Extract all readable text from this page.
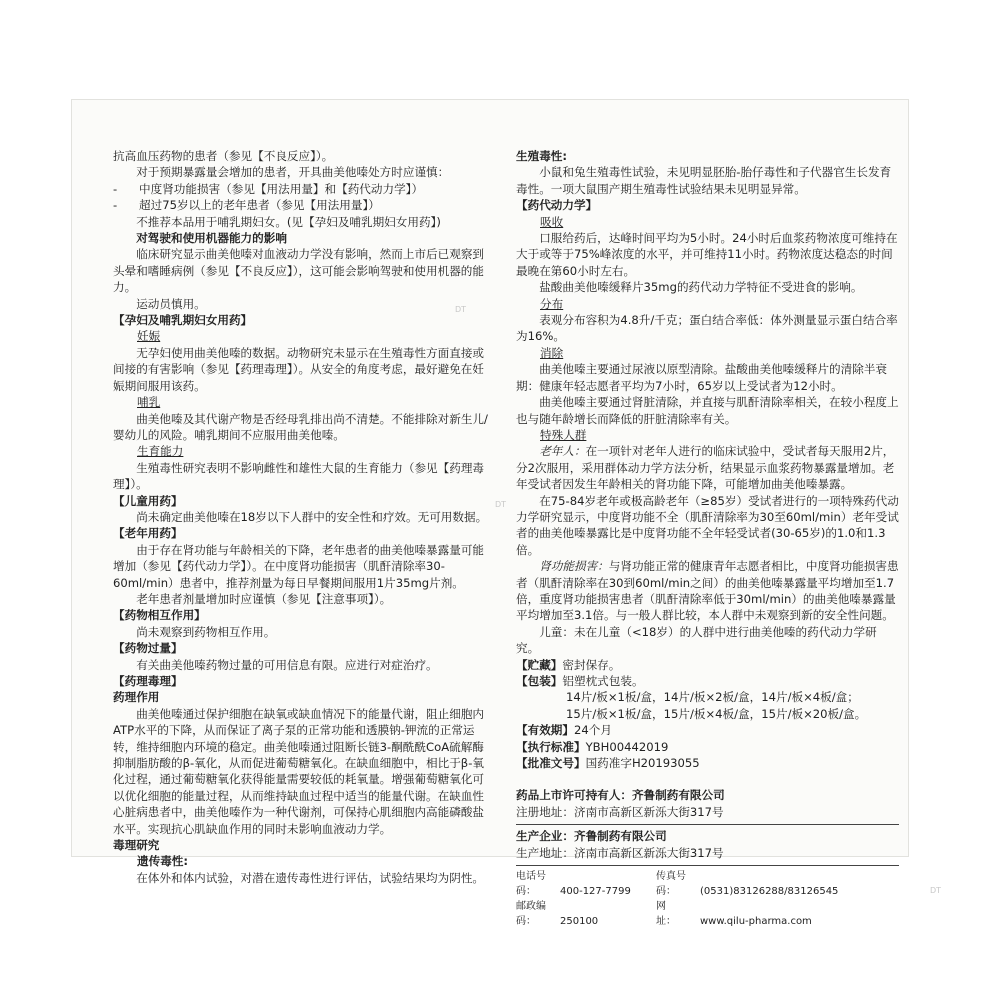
抗高血压药物的患者（参见【不良反应】）。

对于预期暴露量会增加的患者，开具曲美他嗪处方时应谨慎：

- 中度肾功能损害（参见【用法用量】和【药代动力学】）

- 超过75岁以上的老年患者（参见【用法用量】）

不推荐本品用于哺乳期妇女。(见【孕妇及哺乳期妇女用药】)

对驾驶和使用机器能力的影响

临床研究显示曲美他嗪对血液动力学没有影响，然而上市后已观察到头晕和嗜睡病例（参见【不良反应】），这可能会影响驾驶和使用机器的能力。

运动员慎用。

【孕妇及哺乳期妇女用药】

妊娠

无孕妇使用曲美他嗪的数据。动物研究未显示在生殖毒性方面直接或间接的有害影响（参见【药理毒理】）。从安全的角度考虑，最好避免在妊娠期间服用该药。

哺乳

曲美他嗪及其代谢产物是否经母乳排出尚不清楚。不能排除对新生儿/婴幼儿的风险。哺乳期间不应服用曲美他嗪。

生育能力

生殖毒性研究表明不影响雌性和雄性大鼠的生育能力（参见【药理毒理】）。

【儿童用药】

尚未确定曲美他嗪在18岁以下人群中的安全性和疗效。无可用数据。

【老年用药】

由于存在肾功能与年龄相关的下降，老年患者的曲美他嗪暴露量可能增加（参见【药代动力学】）。在中度肾功能损害（肌酐清除率30-60ml/min）患者中，推荐剂量为每日早餐期间服用1片35mg片剂。

老年患者剂量增加时应谨慎（参见【注意事项】）。

【药物相互作用】

尚未观察到药物相互作用。

【药物过量】

有关曲美他嗪药物过量的可用信息有限。应进行对症治疗。

【药理毒理】

药理作用

曲美他嗪通过保护细胞在缺氧或缺血情况下的能量代谢，阻止细胞内ATP水平的下降，从而保证了离子泵的正常功能和透膜钠-钾流的正常运转，维持细胞内环境的稳定。曲美他嗪通过阻断长链3-酮酰酰CoA硫解酶抑制脂肪酸的β-氧化，从而促进葡萄糖氧化。在缺血细胞中，相比于β-氧化过程，通过葡萄糖氧化获得能量需要较低的耗氧量。增强葡萄糖氧化可以优化细胞的能量过程，从而维持缺血过程中适当的能量代谢。在缺血性心脏病患者中，曲美他嗪作为一种代谢剂，可保持心肌细胞内高能磷酸盐水平。实现抗心肌缺血作用的同时未影响血液动力学。

毒理研究

遗传毒性:

在体外和体内试验，对潜在遗传毒性进行评估，试验结果均为阴性。

生殖毒性:

小鼠和兔生殖毒性试验，未见明显胚胎-胎仔毒性和子代器官生长发育毒性。一项大鼠围产期生殖毒性试验结果未见明显异常。

【药代动力学】

吸收

口服给药后，达峰时间平均为5小时。24小时后血浆药物浓度可维持在大于或等于75%峰浓度的水平，并可维持11小时。药物浓度达稳态的时间最晚在第60小时左右。

盐酸曲美他嗪缓释片35mg的药代动力学特征不受进食的影响。

分布

表观分布容积为4.8升/千克；蛋白结合率低：体外测量显示蛋白结合率为16%。

消除

曲美他嗪主要通过尿液以原型清除。盐酸曲美他嗪缓释片的清除半衰期：健康年轻志愿者平均为7小时，65岁以上受试者为12小时。

曲美他嗪主要通过肾脏清除，并直接与肌酐清除率相关，在较小程度上也与随年龄增长而降低的肝脏清除率有关。

特殊人群

老年人：在一项针对老年人进行的临床试验中，受试者每天服用2片，分2次服用，采用群体动力学方法分析，结果显示血浆药物暴露量增加。老年受试者因发生年龄相关的肾功能下降，可能增加曲美他嗪暴露。

在75-84岁老年或极高龄老年（≥85岁）受试者进行的一项特殊药代动力学研究显示，中度肾功能不全（肌酐清除率为30至60ml/min）老年受试者的曲美他嗪暴露比是中度肾功能不全年轻受试者(30-65岁)的1.0和1.3倍。

肾功能损害：与肾功能正常的健康青年志愿者相比，中度肾功能损害患者（肌酐清除率在30到60ml/min之间）的曲美他嗪暴露量平均增加至1.7倍，重度肾功能损害患者（肌酐清除率低于30ml/min）的曲美他嗪暴露量平均增加至3.1倍。与一般人群比较，本人群中未观察到新的安全性问题。

儿童：未在儿童（<18岁）的人群中进行曲美他嗪的药代动力学研究。

【贮藏】密封保存。

【包装】铝塑枕式包装。

14片/板×1板/盒，14片/板×2板/盒，14片/板×4板/盒；

15片/板×1板/盒，15片/板×4板/盒，15片/板×20板/盒。

【有效期】24个月

【执行标准】YBH00442019

【批准文号】国药准字H20193055

药品上市许可持有人：齐鲁制药有限公司

注册地址：济南市高新区新泺大街317号

生产企业：齐鲁制药有限公司

生产地址：济南市高新区新泺大街317号

电话号码： 400-127-7799传真号码： (0531)83126288/83126545

邮政编码： 250100网　　址： www.qilu-pharma.com

DT
DT
DT
